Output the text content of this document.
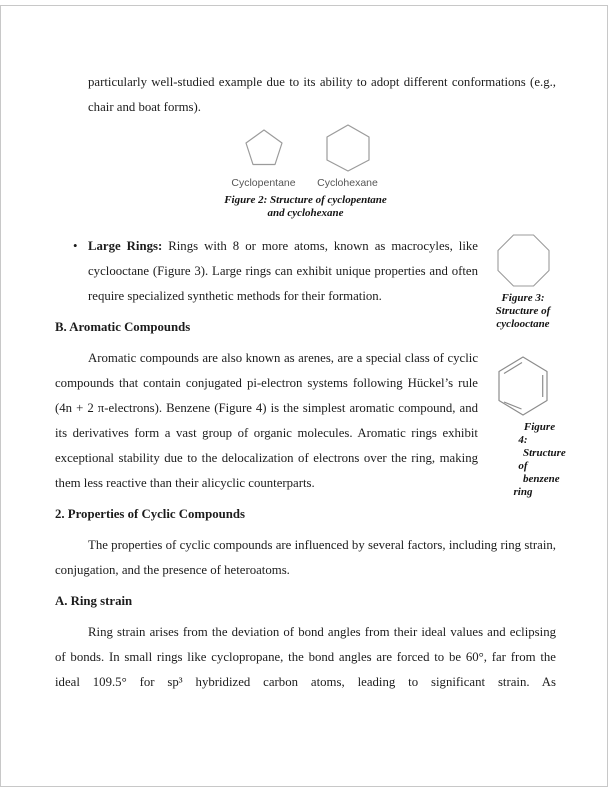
particularly well-studied example due to its ability to adopt different conformations (e.g., chair and boat forms).
Cyclopentane	Cyclohexane
Figure 2: Structure of cyclopentane
and cyclohexane
•
Figure 3:
Structure of
cyclooctane
Large Rings: Rings with 8 or more atoms, known as macrocyles, like cyclooctane (Figure 3). Large rings can exhibit unique properties and often require specialized synthetic methods for their formation.
B. Aromatic Compounds
Aromatic compounds are also known as arenes, are a special class of cyclic
Figure 4:
Structure of
benzene ring
compounds that contain conjugated pi-electron systems following Hückel’s rule (4n + 2 π-electrons). Benzene (Figure 4) is the simplest aromatic compound, and its derivatives form a vast group of organic molecules. Aromatic rings exhibit exceptional stability due to the delocalization of electrons over the ring, making them less reactive than their alicyclic counterparts.
2. Properties of Cyclic Compounds
The properties of cyclic compounds are influenced by several factors, including ring strain, conjugation, and the presence of heteroatoms.
A. Ring strain
Ring strain arises from the deviation of bond angles from their ideal values and eclipsing of bonds. In small rings like cyclopropane, the bond angles are forced to be 60°, far from the ideal 109.5° for sp³ hybridized carbon atoms, leading to significant strain. As
